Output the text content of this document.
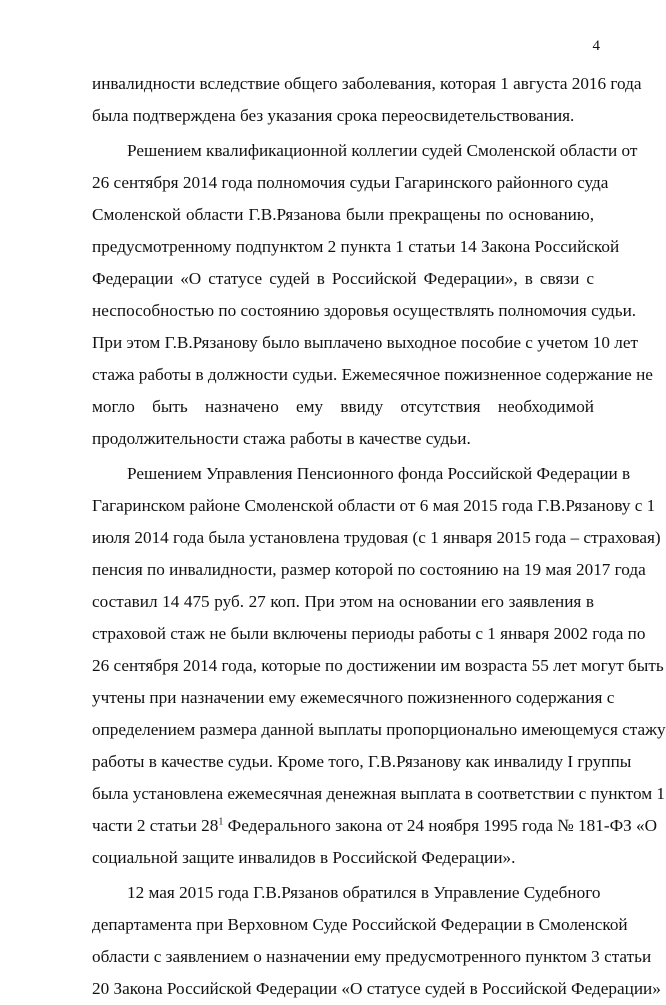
4
инвалидности вследствие общего заболевания, которая 1 августа 2016 года
была подтверждена без указания срока переосвидетельствования.
Решением квалификационной коллегии судей Смоленской области от
26 сентября 2014 года полномочия судьи Гагаринского районного суда
Смоленской области Г.В.Рязанова были прекращены по основанию,
предусмотренному подпунктом 2 пункта 1 статьи 14 Закона Российской
Федерации «О статусе судей в Российской Федерации», в связи с
неспособностью по состоянию здоровья осуществлять полномочия судьи.
При этом Г.В.Рязанову было выплачено выходное пособие с учетом 10 лет
стажа работы в должности судьи. Ежемесячное пожизненное содержание не
могло быть назначено ему ввиду отсутствия необходимой
продолжительности стажа работы в качестве судьи.
Решением Управления Пенсионного фонда Российской Федерации в
Гагаринском районе Смоленской области от 6 мая 2015 года Г.В.Рязанову с 1
июля 2014 года была установлена трудовая (с 1 января 2015 года – страховая)
пенсия по инвалидности, размер которой по состоянию на 19 мая 2017 года
составил 14 475 руб. 27 коп. При этом на основании его заявления в
страховой стаж не были включены периоды работы с 1 января 2002 года по
26 сентября 2014 года, которые по достижении им возраста 55 лет могут быть
учтены при назначении ему ежемесячного пожизненного содержания с
определением размера данной выплаты пропорционально имеющемуся стажу
работы в качестве судьи. Кроме того, Г.В.Рязанову как инвалиду I группы
была установлена ежемесячная денежная выплата в соответствии с пунктом 1
части 2 статьи $28^1$ Федерального закона от 24 ноября 1995 года № 181-ФЗ «О
социальной защите инвалидов в Российской Федерации».
12 мая 2015 года Г.В.Рязанов обратился в Управление Судебного
департамента при Верховном Суде Российской Федерации в Смоленской
области с заявлением о назначении ему предусмотренного пунктом 3 статьи
20 Закона Российской Федерации «О статусе судей в Российской Федерации»
